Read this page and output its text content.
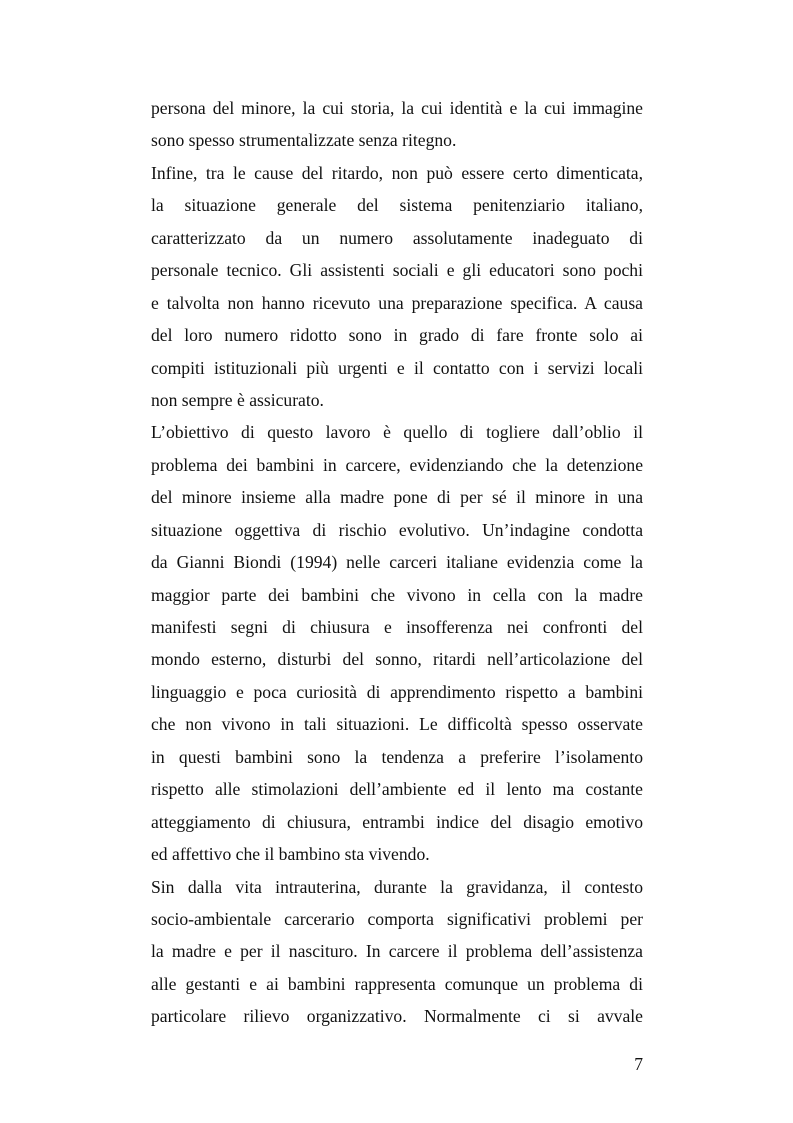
persona del minore, la cui storia, la cui identità e la cui immagine
sono spesso strumentalizzate senza ritegno.
Infine, tra le cause del ritardo, non può essere certo dimenticata,
la situazione generale del sistema penitenziario italiano,
caratterizzato da un numero assolutamente inadeguato di
personale tecnico. Gli assistenti sociali e gli educatori sono pochi
e talvolta non hanno ricevuto una preparazione specifica. A causa
del loro numero ridotto sono in grado di fare fronte solo ai
compiti istituzionali più urgenti e il contatto con i servizi locali
non sempre è assicurato.
L’obiettivo di questo lavoro è quello di togliere dall’oblio il
problema dei bambini in carcere, evidenziando che la detenzione
del minore insieme alla madre pone di per sé il minore in una
situazione oggettiva di rischio evolutivo. Un’indagine condotta
da Gianni Biondi (1994) nelle carceri italiane evidenzia come la
maggior parte dei bambini che vivono in cella con la madre
manifesti segni di chiusura e insofferenza nei confronti del
mondo esterno, disturbi del sonno, ritardi nell’articolazione del
linguaggio e poca curiosità di apprendimento rispetto a bambini
che non vivono in tali situazioni. Le difficoltà spesso osservate
in questi bambini sono la tendenza a preferire l’isolamento
rispetto alle stimolazioni dell’ambiente ed il lento ma costante
atteggiamento di chiusura, entrambi indice del disagio emotivo
ed affettivo che il bambino sta vivendo.
Sin dalla vita intrauterina, durante la gravidanza, il contesto
socio-ambientale carcerario comporta significativi problemi per
la madre e per il nascituro. In carcere il problema dell’assistenza
alle gestanti e ai bambini rappresenta comunque un problema di
particolare rilievo organizzativo. Normalmente ci si avvale
7
